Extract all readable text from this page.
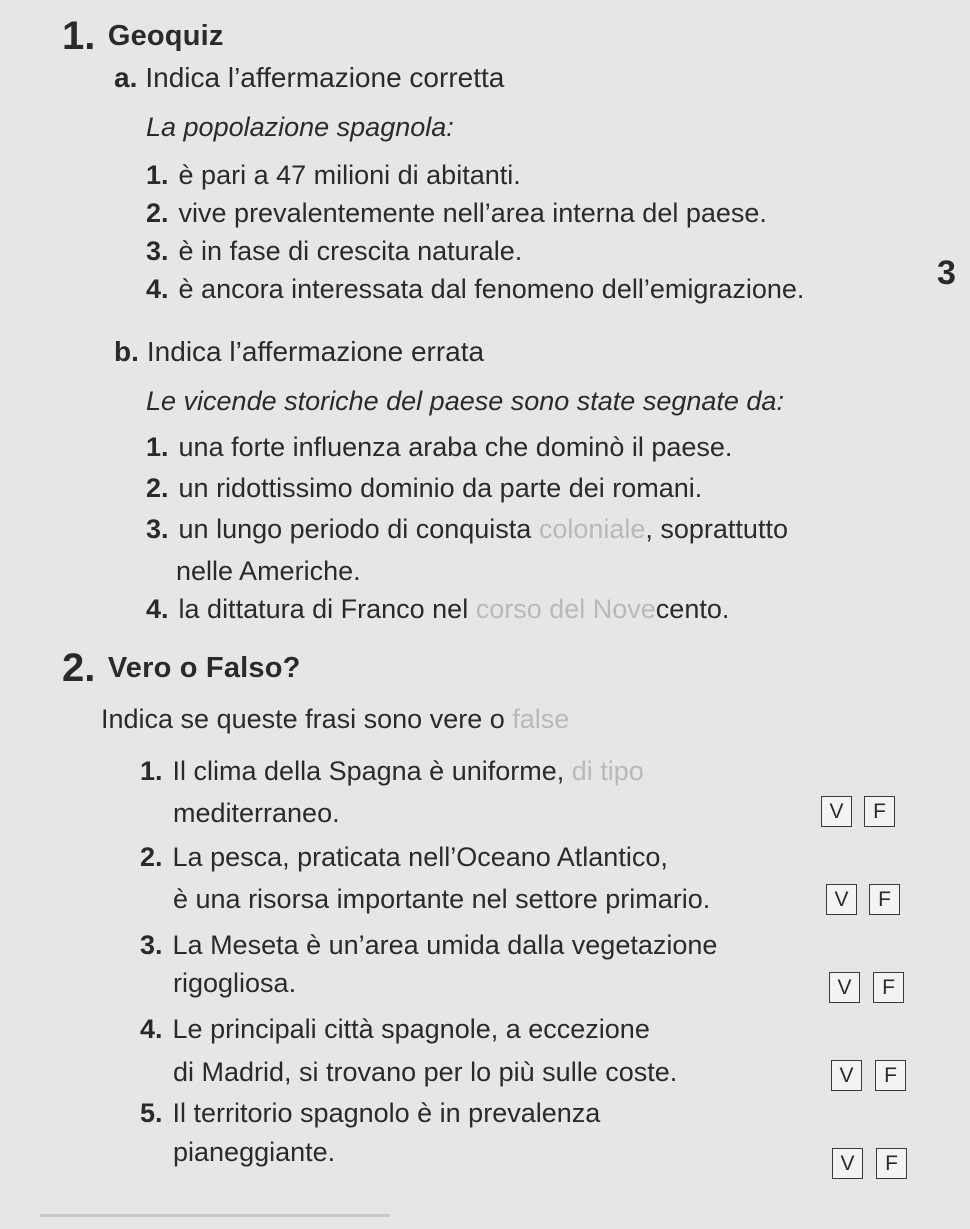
1. Geoquiz
a. Indica l’affermazione corretta
La popolazione spagnola:
1. è pari a 47 milioni di abitanti.
2. vive prevalentemente nell’area interna del paese.
3. è in fase di crescita naturale.
4. è ancora interessata dal fenomeno dell’emigrazione.	3
b. Indica l’affermazione errata
Le vicende storiche del paese sono state segnate da:
1. una forte influenza araba che dominò il paese.
2. un ridottissimo dominio da parte dei romani.
3. un lungo periodo di conquista coloniale, soprattutto
nelle Americhe.
4. la dittatura di Franco nel corso del Novecento.
2. Vero o Falso?
Indica se queste frasi sono vere o false
1. Il clima della Spagna è uniforme, di tipo
mediterraneo.	V	F
2. La pesca, praticata nell’Oceano Atlantico,
è una risorsa importante nel settore primario.	V	F
3. La Meseta è un’area umida dalla vegetazione
rigogliosa.	V	F
4. Le principali città spagnole, a eccezione
di Madrid, si trovano per lo più sulle coste.	V	F
5. Il territorio spagnolo è in prevalenza
pianeggiante.	V	F
